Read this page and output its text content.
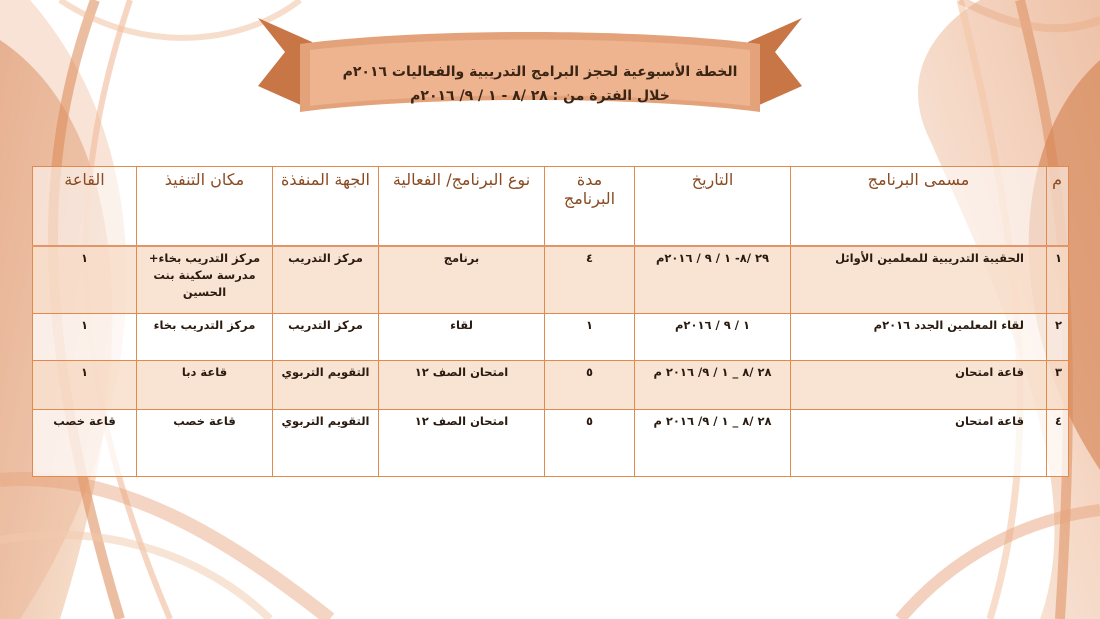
الخطة الأسبوعية لحجز البرامج التدريبية والفعاليات ٢٠١٦م
خلال الفترة من : ٢٨ /٨ - ١ / ٩/ ٢٠١٦م
م	مسمى البرنامج	التاريخ	مدة البرنامج	نوع البرنامج/ الفعالية	الجهة المنفذة	مكان التنفيذ	القاعة
١	الحقيبة التدريبية للمعلمين الأوائل	٢٩ /٨- ١ / ٩ / ٢٠١٦م	٤	برنامج	مركز التدريب	مركز التدريب بخاء+ مدرسة سكينة بنت الحسين	١
٢	لقاء المعلمين الجدد ٢٠١٦م	١ / ٩ / ٢٠١٦م	١	لقاء	مركز التدريب	مركز التدريب بخاء	١
٣	قاعة امتحان	٢٨ /٨ _ ١ / ٩/ ٢٠١٦ م	٥	امتحان الصف ١٢	التقويم التربوي	قاعة دبا	١
٤	قاعة امتحان	٢٨ /٨ _ ١ / ٩/ ٢٠١٦ م	٥	امتحان الصف ١٢	التقويم التربوي	قاعة خصب	قاعة خصب
